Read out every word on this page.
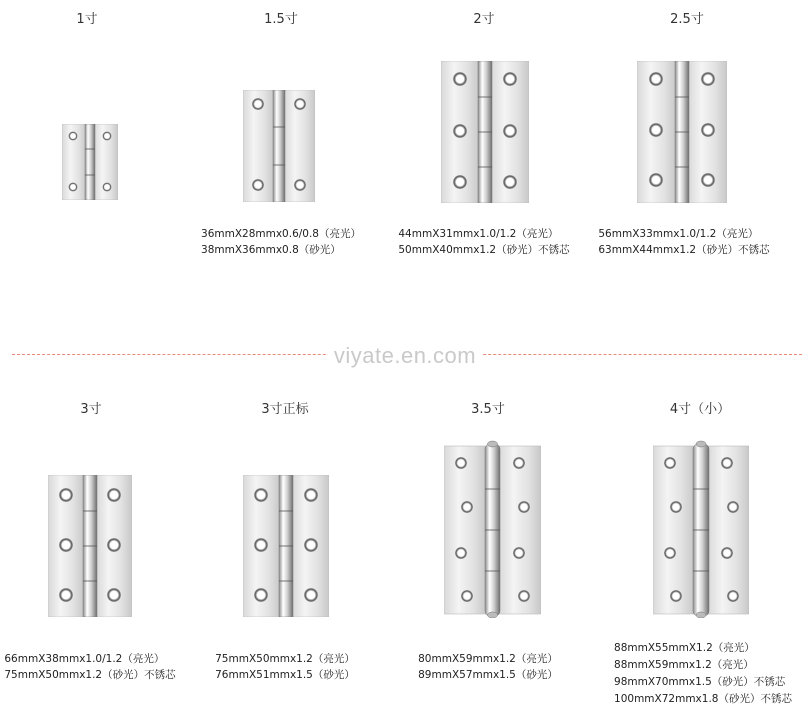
1寸	1.5寸	2寸	2.5寸
3寸	3寸正标	3.5寸	4寸（小）
36mmX28mmx0.6/0.8（亮光）
38mmX36mmx0.8（砂光）
44mmX31mmx1.0/1.2（亮光）
50mmX40mmx1.2（砂光）不锈芯
56mmX33mmx1.0/1.2（亮光）
63mmX44mmx1.2（砂光）不锈芯
viyate.en.com
66mmX38mmx1.0/1.2（亮光）
75mmX50mmx1.2（砂光）不锈芯
75mmX50mmx1.2（亮光）
76mmX51mmx1.5（砂光）
80mmX59mmx1.2（亮光）
89mmX57mmx1.5（砂光）
88mmX55mmX1.2（亮光）
88mmX59mmx1.2（亮光）
98mmX70mmx1.5（砂光）不锈芯
100mmX72mmx1.8（砂光）不锈芯
